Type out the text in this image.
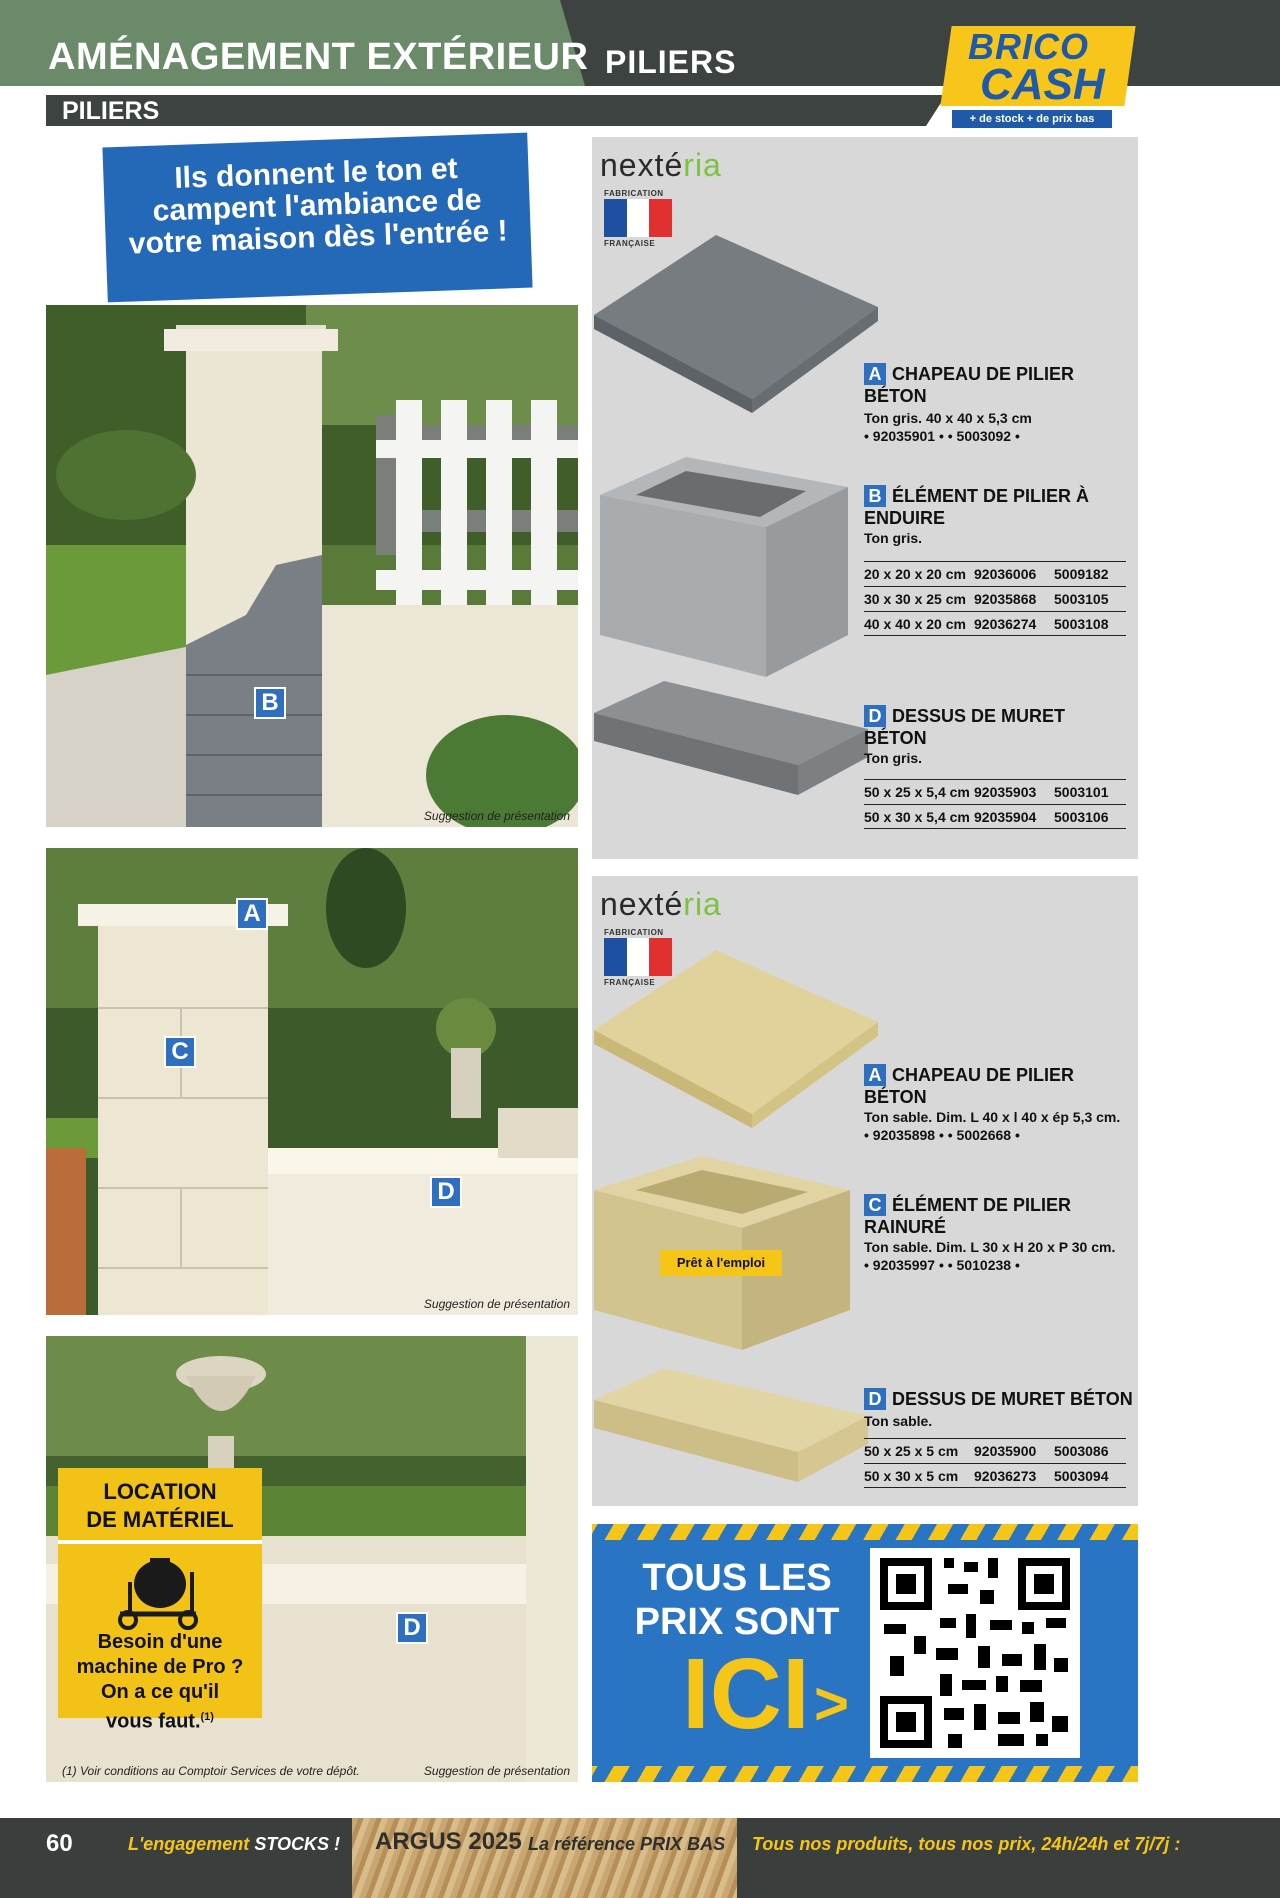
AMÉNAGEMENT EXTÉRIEUR PILIERS
PILIERS
BRICO
CASH
+ de stock + de prix bas
B
Suggestion de présentation
Ils donnent le ton et campent l'ambiance de votre maison dès l'entrée !
A
C
D
Suggestion de présentation
D
Suggestion de présentation
(1) Voir conditions au Comptoir Services de votre dépôt.
LOCATION
DE MATÉRIEL
Besoin d'une
machine de Pro ?
On a ce qu'il
vous faut.$^{(1)}$
nextéria
FABRICATION
FRANÇAISE
A CHAPEAU DE PILIER BÉTON
Ton gris. 40 x 40 x 5,3 cm
• 92035901 • • 5003092 •
B ÉLÉMENT DE PILIER À ENDUIRE
Ton gris.
20 x 20 x 20 cm 92036006	5009182
30 x 30 x 25 cm 92035868	5003105
40 x 40 x 20 cm 92036274	5003108
D DESSUS DE MURET BÉTON
Ton gris.
50 x 25 x 5,4 cm 92035903	5003101
50 x 30 x 5,4 cm 92035904	5003106
nextéria
FABRICATION
FRANÇAISE
A CHAPEAU DE PILIER BÉTON
Ton sable. Dim. L 40 x l 40 x ép 5,3 cm.
• 92035898 • • 5002668 •
Prêt à l'emploi
C ÉLÉMENT DE PILIER RAINURÉ
Ton sable. Dim. L 30 x H 20 x P 30 cm.
• 92035997 • • 5010238 •
D DESSUS DE MURET BÉTON
Ton sable.
50 x 25 x 5 cm	92035900	5003086
50 x 30 x 5 cm	92036273	5003094
TOUS LES
PRIX SONT
ICI >
60	L'engagement STOCKS ! ARGUS 2025 La référence PRIX BAS Tous nos produits, tous nos prix, 24h/24h et 7j/7j :
